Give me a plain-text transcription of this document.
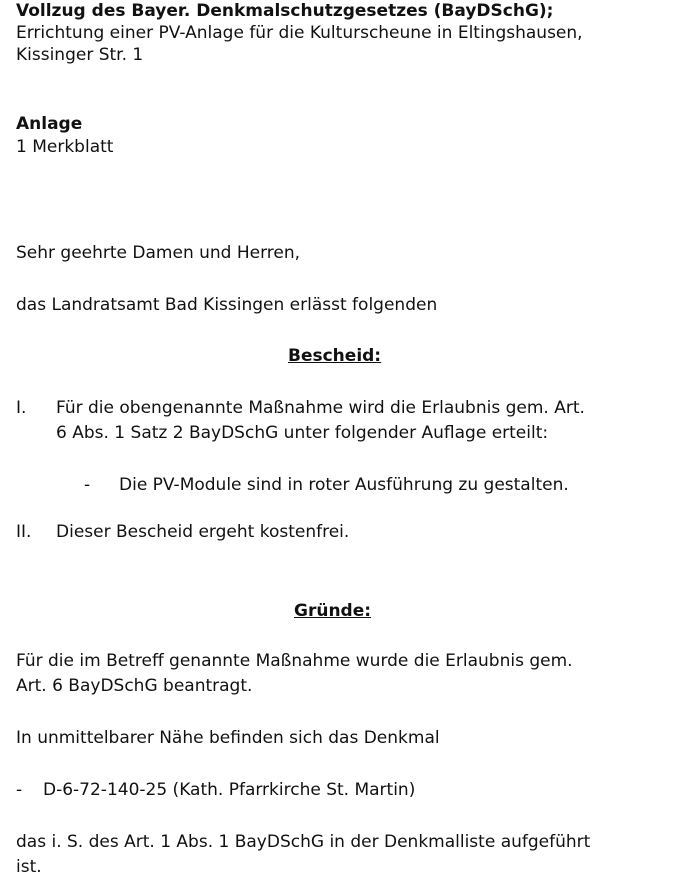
Vollzug des Bayer. Denkmalschutzgesetzes (BayDSchG);
Errichtung einer PV-Anlage für die Kulturscheune in Eltingshausen,
Kissinger Str. 1
Anlage
1 Merkblatt
Sehr geehrte Damen und Herren,
das Landratsamt Bad Kissingen erlässt folgenden
Bescheid:
I. Für die obengenannte Maßnahme wird die Erlaubnis gem. Art.
6 Abs. 1 Satz 2 BayDSchG unter folgender Auflage erteilt:
- Die PV-Module sind in roter Ausführung zu gestalten.
II. Dieser Bescheid ergeht kostenfrei.
Gründe:
Für die im Betreff genannte Maßnahme wurde die Erlaubnis gem.
Art. 6 BayDSchG beantragt.
In unmittelbarer Nähe befinden sich das Denkmal
- D-6-72-140-25 (Kath. Pfarrkirche St. Martin)
das i. S. des Art. 1 Abs. 1 BayDSchG in der Denkmalliste aufgeführt
ist.
